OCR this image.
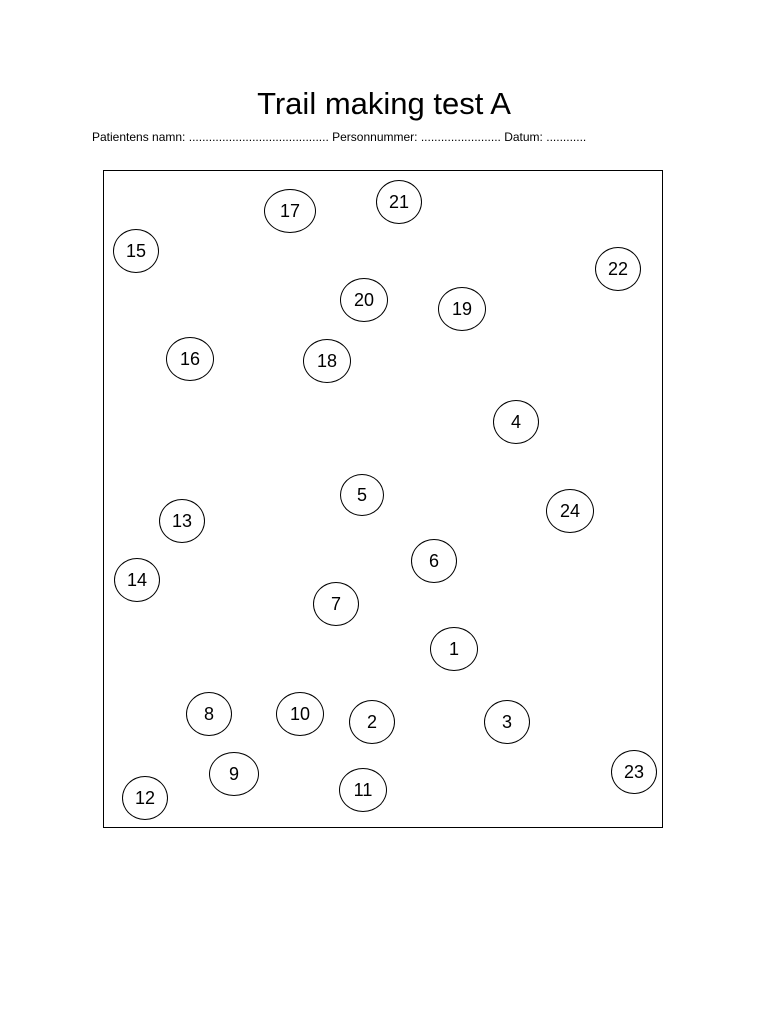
Trail making test A
Patientens namn: .......................................... Personnummer: ........................ Datum: ............
1
2	3
4
5
6
7
8
9
10
11
12
13
14
15
16
17
18
19
20
21
22
23
24
